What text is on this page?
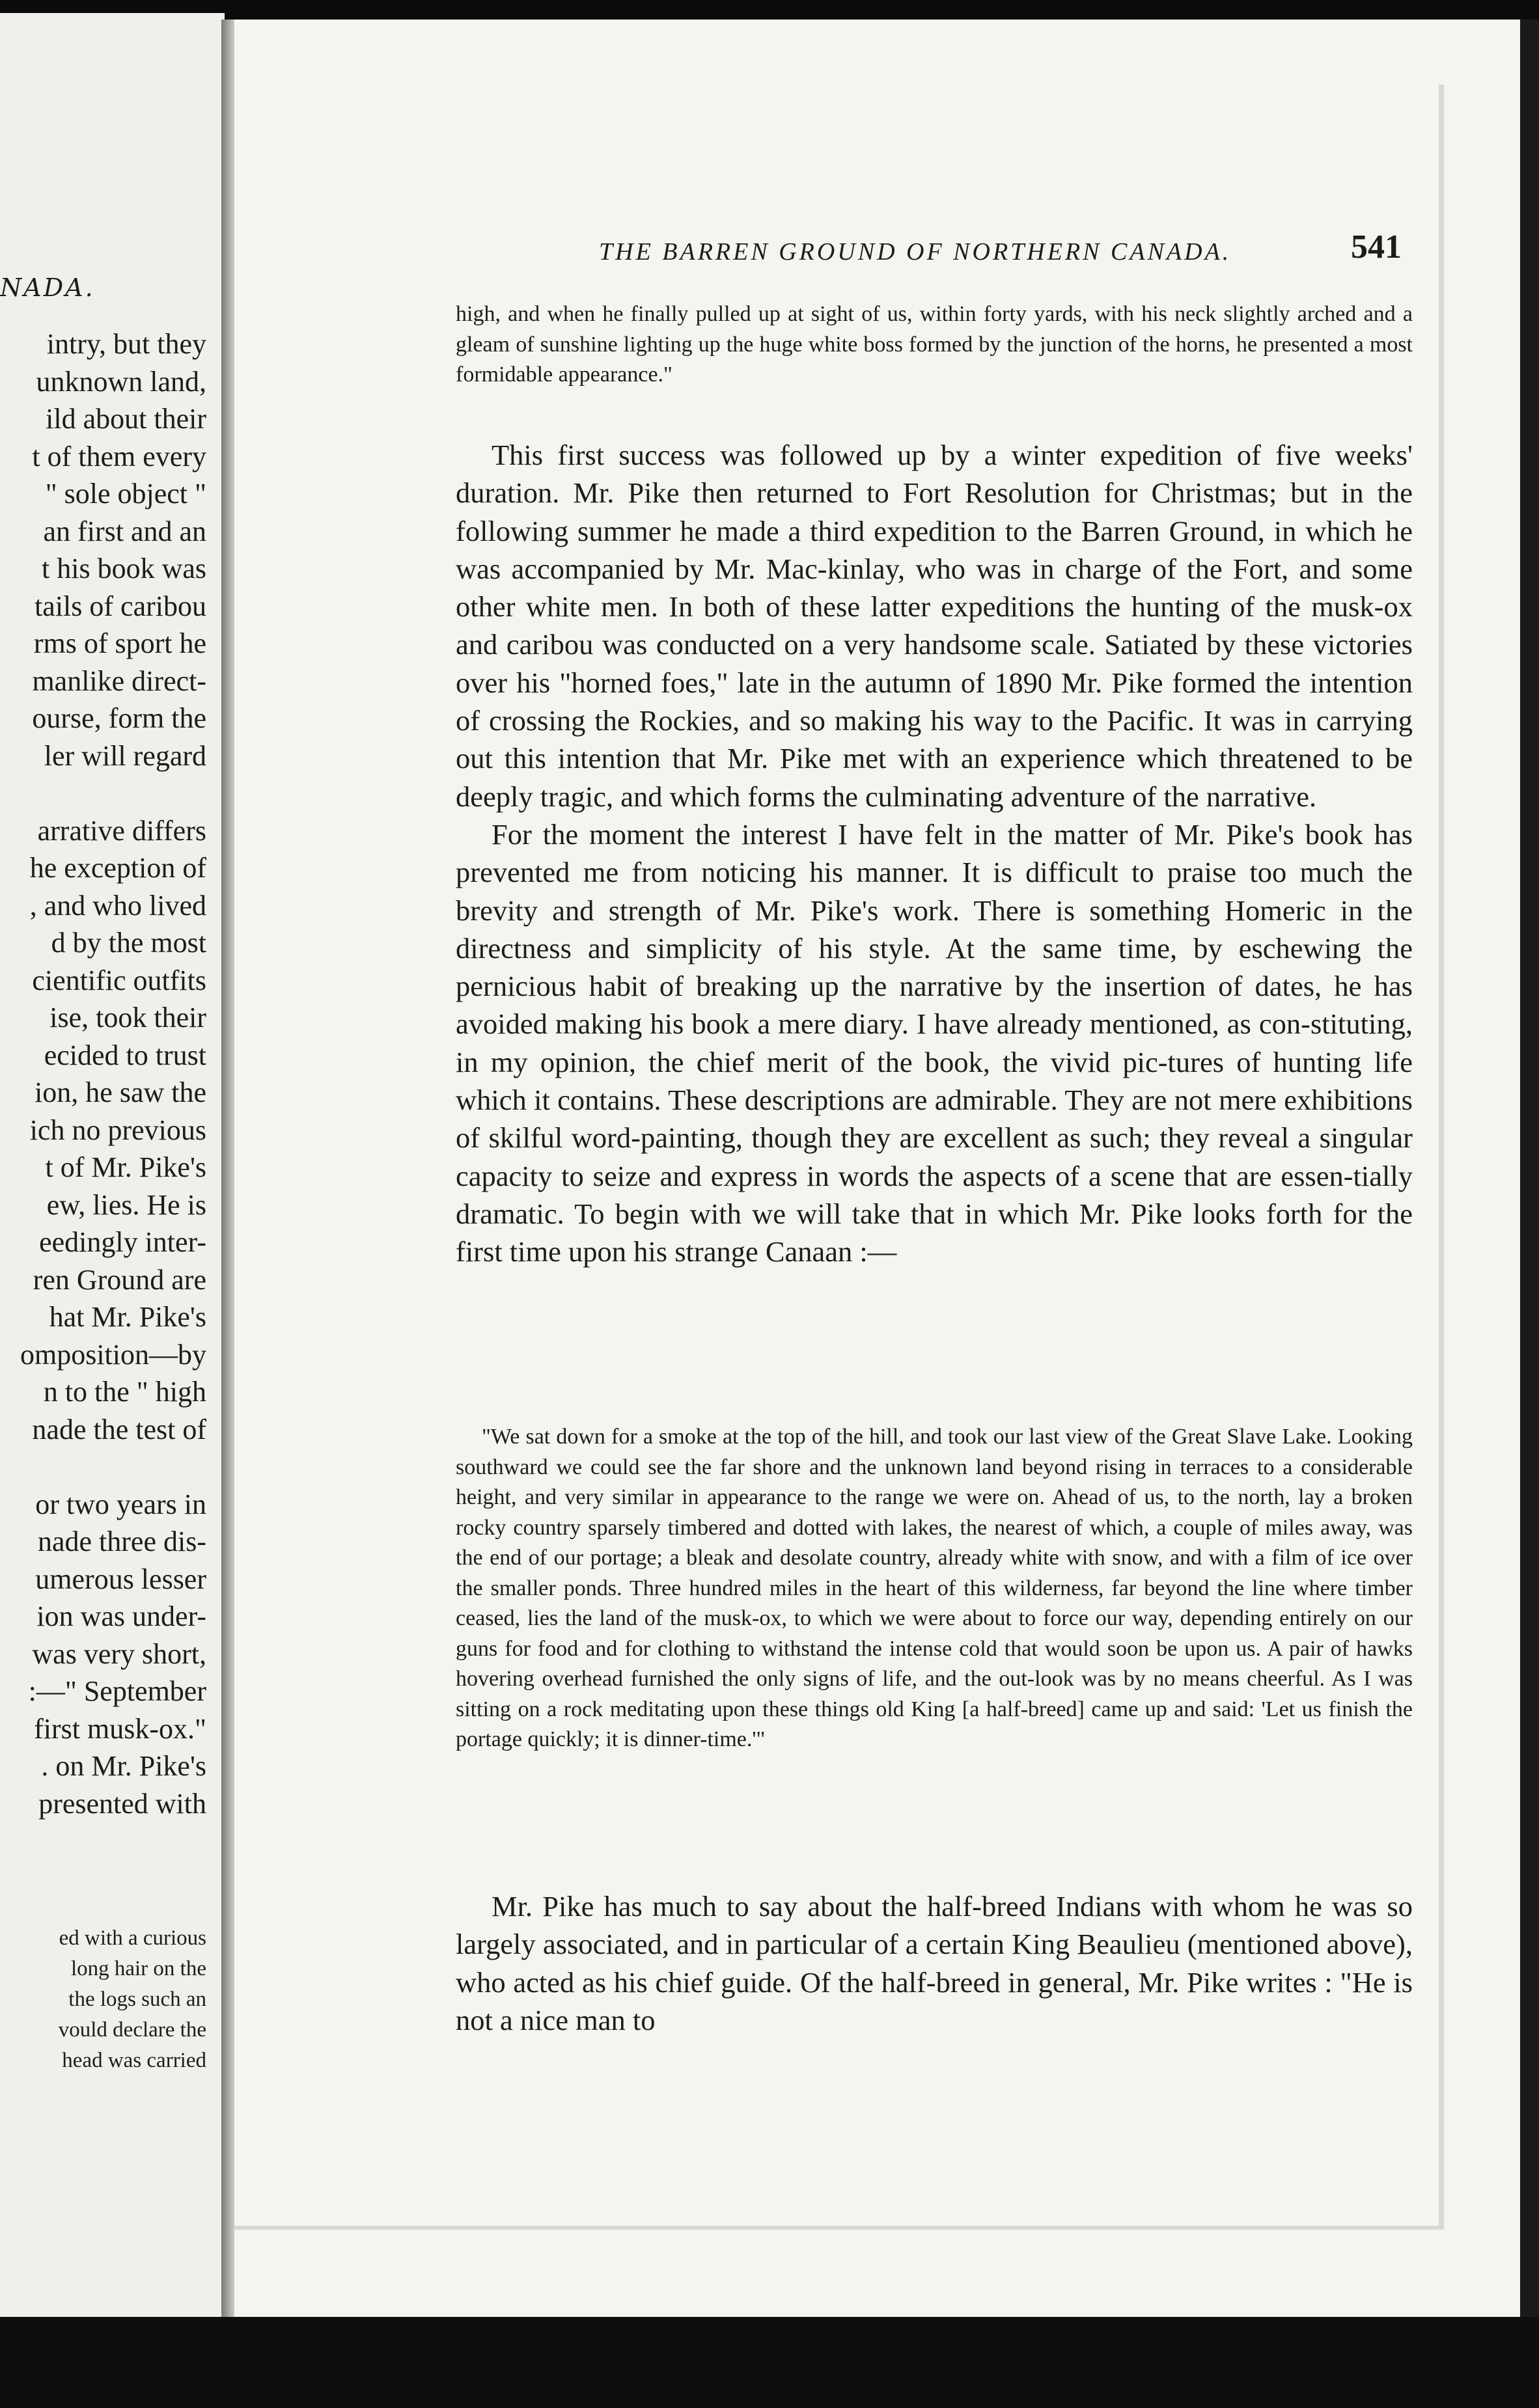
NADA.
intry, but they
unknown land,
ild about their
t of them every
" sole object "
an first and an
t his book was
tails of caribou
rms of sport he
manlike direct-
ourse, form the
ler will regard
arrative differs
he exception of
, and who lived
d by the most
cientific outfits
ise, took their
ecided to trust
ion, he saw the
ich no previous
t of Mr. Pike's
ew, lies. He is
eedingly inter-
ren Ground are
hat Mr. Pike's
omposition—by
n to the " high
nade the test of
or two years in
nade three dis-
umerous lesser
ion was under-
was very short,
:—" September
first musk-ox."
. on Mr. Pike's
presented with
ed with a curious
long hair on the
the logs such an
vould declare the
head was carried
THE BARREN GROUND OF NORTHERN CANADA.	541

high, and when he finally pulled up at sight of us, within forty yards, with his neck slightly arched and a gleam of sunshine lighting up the huge white boss formed by the junction of the horns, he presented a most formidable appearance."

This first success was followed up by a winter expedition of five weeks' duration. Mr. Pike then returned to Fort Resolution for Christmas; but in the following summer he made a third expedition to the Barren Ground, in which he was accompanied by Mr. Mac-kinlay, who was in charge of the Fort, and some other white men. In both of these latter expeditions the hunting of the musk-ox and caribou was conducted on a very handsome scale. Satiated by these victories over his "horned foes," late in the autumn of 1890 Mr. Pike formed the intention of crossing the Rockies, and so making his way to the Pacific. It was in carrying out this intention that Mr. Pike met with an experience which threatened to be deeply tragic, and which forms the culminating adventure of the narrative.

For the moment the interest I have felt in the matter of Mr. Pike's book has prevented me from noticing his manner. It is difficult to praise too much the brevity and strength of Mr. Pike's work. There is something Homeric in the directness and simplicity of his style. At the same time, by eschewing the pernicious habit of breaking up the narrative by the insertion of dates, he has avoided making his book a mere diary. I have already mentioned, as con-stituting, in my opinion, the chief merit of the book, the vivid pic-tures of hunting life which it contains. These descriptions are admirable. They are not mere exhibitions of skilful word-painting, though they are excellent as such; they reveal a singular capacity to seize and express in words the aspects of a scene that are essen-tially dramatic. To begin with we will take that in which Mr. Pike looks forth for the first time upon his strange Canaan :—

"We sat down for a smoke at the top of the hill, and took our last view of the Great Slave Lake. Looking southward we could see the far shore and the unknown land beyond rising in terraces to a considerable height, and very similar in appearance to the range we were on. Ahead of us, to the north, lay a broken rocky country sparsely timbered and dotted with lakes, the nearest of which, a couple of miles away, was the end of our portage; a bleak and desolate country, already white with snow, and with a film of ice over the smaller ponds. Three hundred miles in the heart of this wilderness, far beyond the line where timber ceased, lies the land of the musk-ox, to which we were about to force our way, depending entirely on our guns for food and for clothing to withstand the intense cold that would soon be upon us. A pair of hawks hovering overhead furnished the only signs of life, and the out-look was by no means cheerful. As I was sitting on a rock meditating upon these things old King [a half-breed] came up and said: 'Let us finish the portage quickly; it is dinner-time.'"

Mr. Pike has much to say about the half-breed Indians with whom he was so largely associated, and in particular of a certain King Beaulieu (mentioned above), who acted as his chief guide. Of the half-breed in general, Mr. Pike writes : "He is not a nice man to
